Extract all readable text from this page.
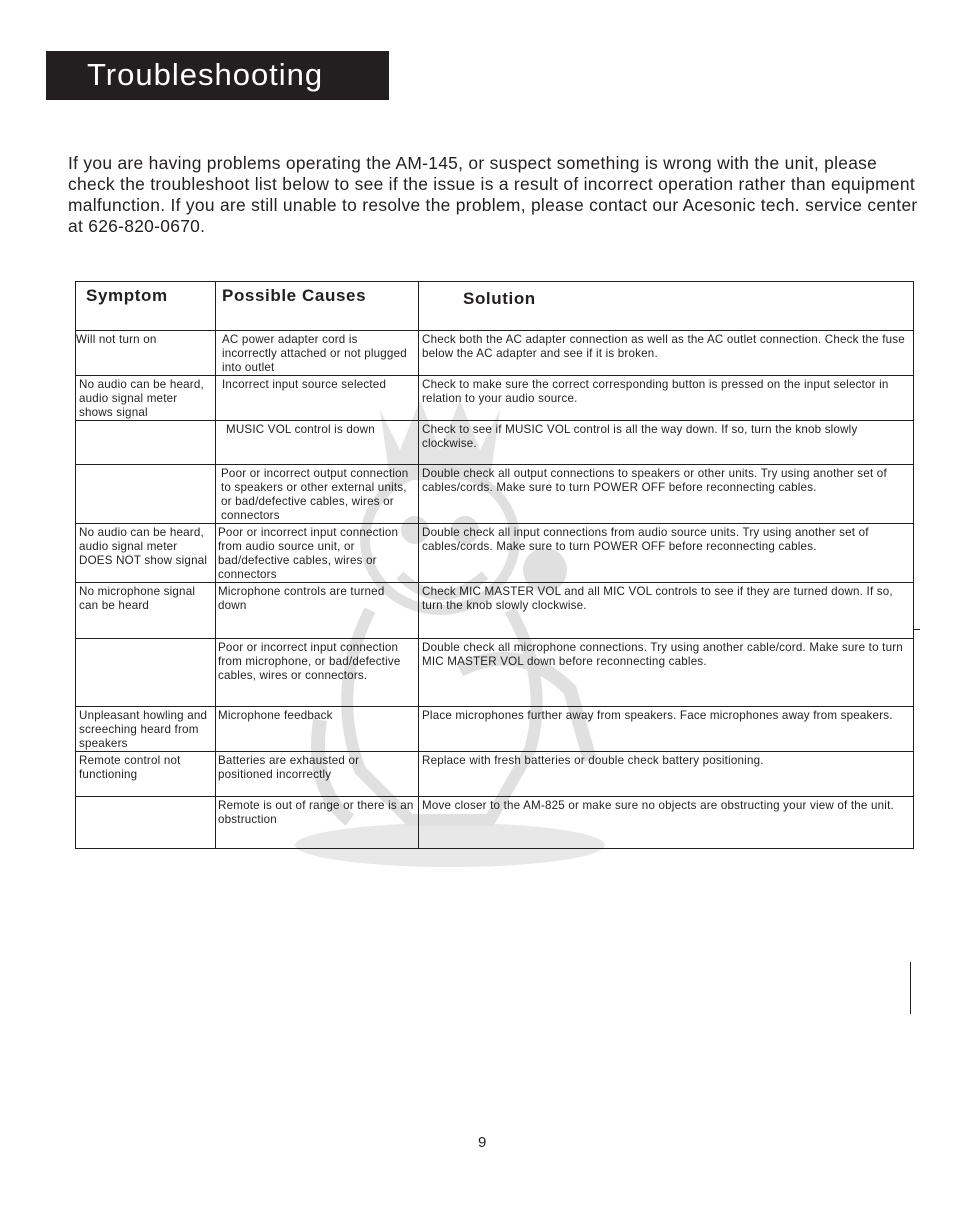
Troubleshooting

If you are having problems operating the AM-145, or suspect something is wrong with the unit, please check the troubleshoot list below to see if the issue is a result of incorrect operation rather than equipment malfunction. If you are still unable to resolve the problem, please contact our Acesonic tech. service center at 626-820-0670.

Symptom	Possible Causes	Solution

Will not turn on	AC power adapter cord is incorrectly attached or not plugged into outlet	Check both the AC adapter connection as well as the AC outlet connection. Check the fuse below the AC adapter and see if it is broken.

No audio can be heard, audio signal meter shows signal	Incorrect input source selected	Check to make sure the correct corresponding button is pressed on the input selector in relation to your audio source.

	MUSIC VOL control is down	Check to see if MUSIC VOL control is all the way down. If so, turn the knob slowly clockwise.

	Poor or incorrect output connection to speakers or other external units, or bad/defective cables, wires or connectors	Double check all output connections to speakers or other units. Try using another set of cables/cords. Make sure to turn POWER OFF before reconnecting cables.

No audio can be heard, audio signal meter DOES NOT show signal	Poor or incorrect input connection from audio source unit, or bad/defective cables, wires or connectors	Double check all input connections from audio source units. Try using another set of cables/cords. Make sure to turn POWER OFF before reconnecting cables.

No microphone signal can be heard	Microphone controls are turned down	Check MIC MASTER VOL and all MIC VOL controls to see if they are turned down. If so, turn the knob slowly clockwise.

	Poor or incorrect input connection from microphone, or bad/defective cables, wires or connectors.	Double check all microphone connections. Try using another cable/cord. Make sure to turn MIC MASTER VOL down before reconnecting cables.

Unpleasant howling and screeching heard from speakers	Microphone feedback	Place microphones further away from speakers. Face microphones away from speakers.

Remote control not functioning	Batteries are exhausted or positioned incorrectly	Replace with fresh batteries or double check battery positioning.

	Remote is out of range or there is an obstruction	Move closer to the AM-825 or make sure no objects are obstructing your view of the unit.
9
